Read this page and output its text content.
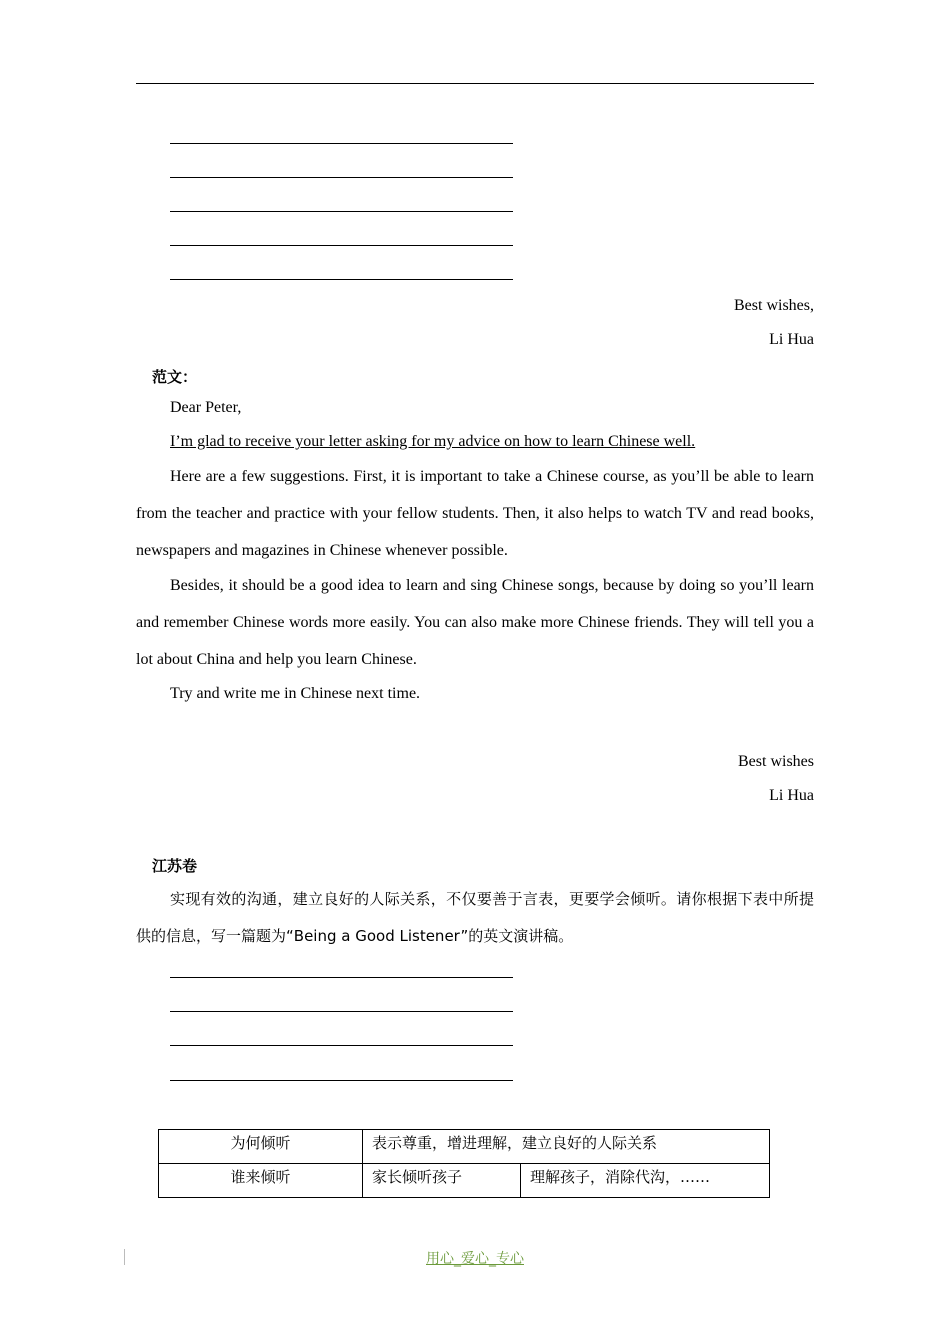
Best wishes,
Li Hua
范文：
Dear Peter,
I’m glad to receive your letter asking for my advice on how to learn Chinese well.
Here are a few suggestions. First, it is important to take a Chinese course, as you’ll be able to learn from the teacher and practice with your fellow students. Then, it also helps to watch TV and read books, newspapers and magazines in Chinese whenever possible.
Besides, it should be a good idea to learn and sing Chinese songs, because by doing so you’ll learn and remember Chinese words more easily. You can also make more Chinese friends. They will tell you a lot about China and help you learn Chinese.
Try and write me in Chinese next time.
Best wishes
Li Hua
江苏卷
实现有效的沟通，建立良好的人际关系，不仅要善于言表，更要学会倾听。请你根据下表中所提供的信息，写一篇题为“Being a Good Listener”的英文演讲稿。
为何倾听	表示尊重，增进理解，建立良好的人际关系	
谁来倾听	家长倾听孩子	理解孩子，消除代沟，……
用心_爱心_专心
